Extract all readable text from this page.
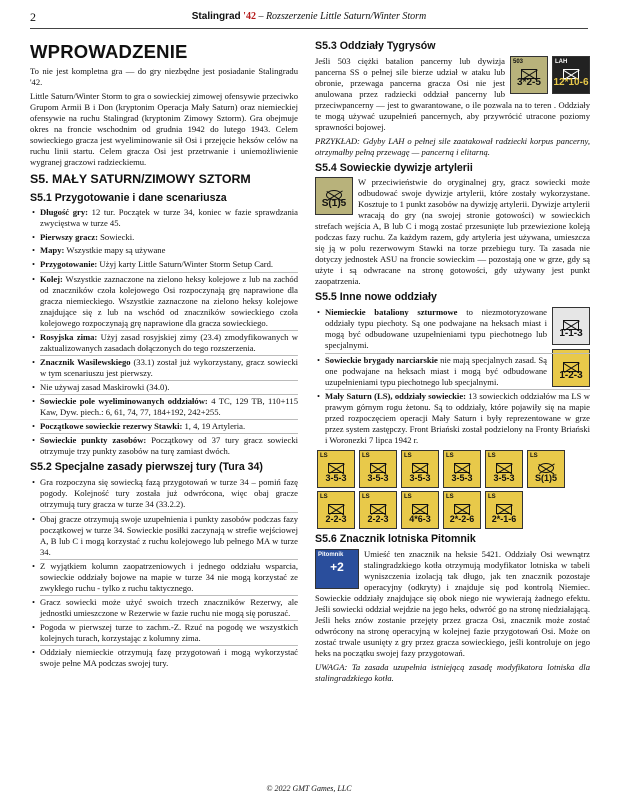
2	Stalingrad '42 – Rozszerzenie Little Saturn/Winter Storm
WPROWADZENIE

To nie jest kompletna gra — do gry niezbędne jest posiadanie Stalingradu '42.

Little Saturn/Winter Storm to gra o sowieckiej zimowej ofensywie przeciwko Grupom Armii B i Don (kryptonim Operacja Mały Saturn) oraz niemieckiej ofensywie na ruchu Stalingrad (kryptonim Zimowy Sztorm). Gra obejmuje okres na froncie wschodnim od grudnia 1942 do lutego 1943. Celem sowieckiego gracza jest wyeliminowanie sił Osi i przejęcie heksów celów na ruchu linii startu. Celem gracza Osi jest przetrwanie i uniemożliwienie wygranej graczowi radzieckiemu.

S5. MAŁY SATURN/ZIMOWY SZTORM
S5.1 Przygotowanie i dane scenariusza
• Długość gry: 12 tur. Początek w turze 34, koniec w fazie sprawdzania zwycięstwa w turze 45.
• Pierwszy gracz: Sowiecki.
• Mapy: Wszystkie mapy są używane
• Przygotowanie: Użyj karty Little Saturn/Winter Storm Setup Card.
• Kolej: Wszystkie zaznaczone na zielono heksy kolejowe z lub na zachód od znaczników czoła kolejowego Osi rozpoczynają grę naprawione dla gracza niemieckiego. Wszystkie zaznaczone na zielono heksy kolejowe znajdujące się z lub na wschód od znaczników sowieckiego czoła kolejowego rozpoczynają grę naprawione dla gracza sowieckiego.
• Rosyjska zima: Użyj zasad rosyjskiej zimy (23.4) zmodyfikowanych w zaktualizowanych zasadach dołączonych do tego rozszerzenia.
• Znacznik Wasilewskiego (33.1) został już wykorzystany, gracz sowiecki w tym scenariuszu jest pierwszy.
• Nie używaj zasad Maskirowki (34.0).
• Sowieckie pole wyeliminowanych oddziałów: 4 TC, 129 TB, 110+115 Kaw, Dyw. piech.: 6, 61, 74, 77, 184+192, 242+255.
• Początkowe sowieckie rezerwy Stawki: 1, 4, 19 Artyleria.
• Sowieckie punkty zasobów: Początkowy od 37 tury gracz sowiecki otrzymuje trzy punkty zasobów na turę zamiast dwóch.
S5.2 Specjalne zasady pierwszej tury (Tura 34)
• Gra rozpoczyna się sowiecką fazą przygotowań w turze 34 – pomiń fazę pogody. Kolejność tury została już odwrócona, więc obaj gracze otrzymują tury gracza w turze 34 (33.2.2).
• Obaj gracze otrzymują swoje uzupełnienia i punkty zasobów podczas fazy początkowej w turze 34. Sowieckie posiłki zaczynają w strefie wejściowej A, B lub C i mogą korzystać z ruchu kolejowego lub pełnego MA w turze 34.
• Z wyjątkiem kolumn zaopatrzeniowych i jednego oddziału wsparcia, sowieckie oddziały bojowe na mapie w turze 34 nie mogą korzystać ze zwykłego ruchu - tylko z ruchu taktycznego.
• Gracz sowiecki może użyć swoich trzech znaczników Rezerwy, ale jednostki umieszczone w Rezerwie w fazie ruchu nie mogą się poruszać.
• Pogoda w pierwszej turze to zachm.-Z. Rzuć na pogodę we wszystkich kolejnych turach, korzystając z kolumny zima.
• Oddziały niemieckie otrzymują fazę przygotowań i mogą wykorzystać swoje pełne MA podczas swojej tury.
S5.3 Oddziały Tygrysów
503
3*2-5
LAH
12*10-6

Jeśli 503 ciężki batalion pancerny lub dywizja pancerna SS o pełnej sile bierze udział w ataku lub obronie, przewaga pancerna gracza Osi nie jest anulowana przez radziecki oddział pancerny lub przeciwpancerny — jest to gwarantowane, o ile pozwala na to teren . Oddziały te mogą używać uzupełnień pancernych, aby przywrócić utracone poziomy sprawności bojowej.

PRZYKŁAD: Gdyby LAH o pełnej sile zaatakował radziecki korpus pancerny, otrzymałby pełną przewagę — pancerną i elitarną.

S5.4 Sowieckie dywizje artylerii
S(1)5

W przeciwieństwie do oryginalnej gry, gracz sowiecki może odbudować swoje dywizje artylerii, które zostały wykorzystane. Kosztuje to 1 punkt zasobów na dywizję artylerii. Dywizje artylerii wracają do gry (na swojej stronie gotowości) w sowieckich strefach wejścia A, B lub C i mogą zostać przesunięte lub przewiezione koleją podczas fazy ruchu. Za każdym razem, gdy artyleria jest używana, umieszcza się ją w polu rezerwowym Stawki na torze przebiegu tury. Ta zasada nie dotyczy jednostek ASU na froncie sowieckim — pozostają one w grze, gdy są użyte i są odwracane na stronę gotowości, gdy używany jest punkt zaopatrzenia.

S5.5 Inne nowe oddziały
1-1-3
1-2-3
• Niemieckie bataliony szturmowe to niezmotoryzowane oddziały typu piechoty. Są one podwajane na heksach miast i mogą być odbudowane uzupełnieniami typu piechotnego lub specjalnymi.
• Sowieckie brygady narciarskie nie mają specjalnych zasad. Są one podwajane na heksach miast i mogą być odbudowane uzupełnieniami typu piechotnego lub specjalnymi.
• Mały Saturn (LS), oddziały sowieckie: 13 sowieckich oddziałów ma LS w prawym górnym rogu żetonu. Są to oddziały, które pojawiły się na mapie przed rozpoczęciem operacji Mały Saturn i były reprezentowane w grze przez system zastępczy. Front Briański został podzielony na Fronty Briański i Woronezki 7 lipca 1942 r.
LS
3-5-3
LS
3-5-3
LS
3-5-3
LS
3-5-3
LS
3-5-3
LS
S(1)5
LS
2-2-3
LS
2-2-3
LS
4*6-3
LS
2*-2-6
LS
2*-1-6
S5.6 Znacznik lotniska Pitomnik
Pitomnik
+2

Umieść ten znacznik na heksie 5421. Oddziały Osi wewnątrz stalingradzkiego kotła otrzymują modyfikator lotniska w tabeli wyniszczenia izolacją tak długo, jak ten znacznik pozostaje operacyjny (odkryty) i znajduje się pod kontrolą Niemiec. Sowieckie oddziały znajdujące się obok niego nie wywierają żadnego efektu. Jeśli sowiecki oddział wejdzie na jego heks, odwróć go na stronę niedziałającą. Jeśli heks znów zostanie przejęty przez gracza Osi, znacznik może zostać odwrócony na stronę operacyjną w kolejnej fazie przygotowań Osi. Może on zostać trwale usunięty z gry przez gracza sowieckiego, jeśli kontroluje on jego heks na początku swojej fazy przygotowań.

UWAGA: Ta zasada uzupełnia istniejącą zasadę modyfikatora lotniska dla stalingradzkiego kotła.

© 2022 GMT Games, LLC
